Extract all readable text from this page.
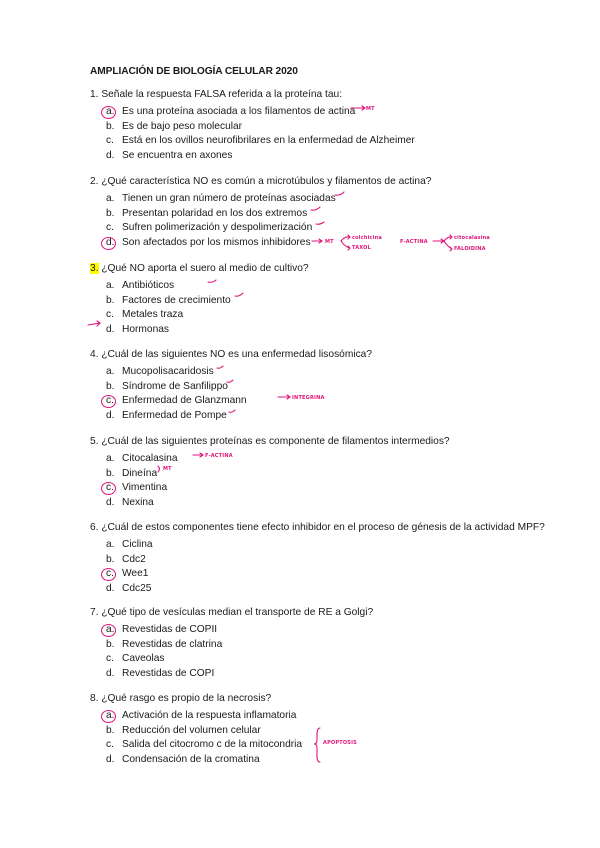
AMPLIACIÓN DE BIOLOGÍA CELULAR 2020
1. Señale la respuesta FALSA referida a la proteína tau:
a. Es una proteína asociada a los filamentos de actina
b. Es de bajo peso molecular
c. Está en los ovillos neurofibrilares en la enfermedad de Alzheimer
d. Se encuentra en axones
2. ¿Qué característica NO es común a microtúbulos y filamentos de actina?
a. Tienen un gran número de proteínas asociadas
b. Presentan polaridad en los dos extremos
c. Sufren polimerización y despolimerización
d. Son afectados por los mismos inhibidores
3. ¿Qué NO aporta el suero al medio de cultivo?
a. Antibióticos
b. Factores de crecimiento
c. Metales traza
d. Hormonas
4. ¿Cuál de las siguientes NO es una enfermedad lisosómica?
a. Mucopolisacaridosis
b. Síndrome de Sanfilippo
c. Enfermedad de Glanzmann
d. Enfermedad de Pompe
5. ¿Cuál de las siguientes proteínas es componente de filamentos intermedios?
a. Citocalasina
b. Dineína
c. Vimentina
d. Nexina
6. ¿Cuál de estos componentes tiene efecto inhibidor en el proceso de génesis de la actividad MPF?
a. Ciclina
b. Cdc2
c. Wee1
d. Cdc25
7. ¿Qué tipo de vesículas median el transporte de RE a Golgi?
a. Revestidas de COPII
b. Revestidas de clatrina
c. Caveolas
d. Revestidas de COPI
8. ¿Qué rasgo es propio de la necrosis?
a. Activación de la respuesta inflamatoria
b. Reducción del volumen celular
c. Salida del citocromo c de la mitocondria
d. Condensación de la cromatina
MT
MT
colchicina
TAXOL
F-ACTINA
citocalasina
FALOIDINA
INTEGRINA
F-ACTINA
MT
APOPTOSIS
